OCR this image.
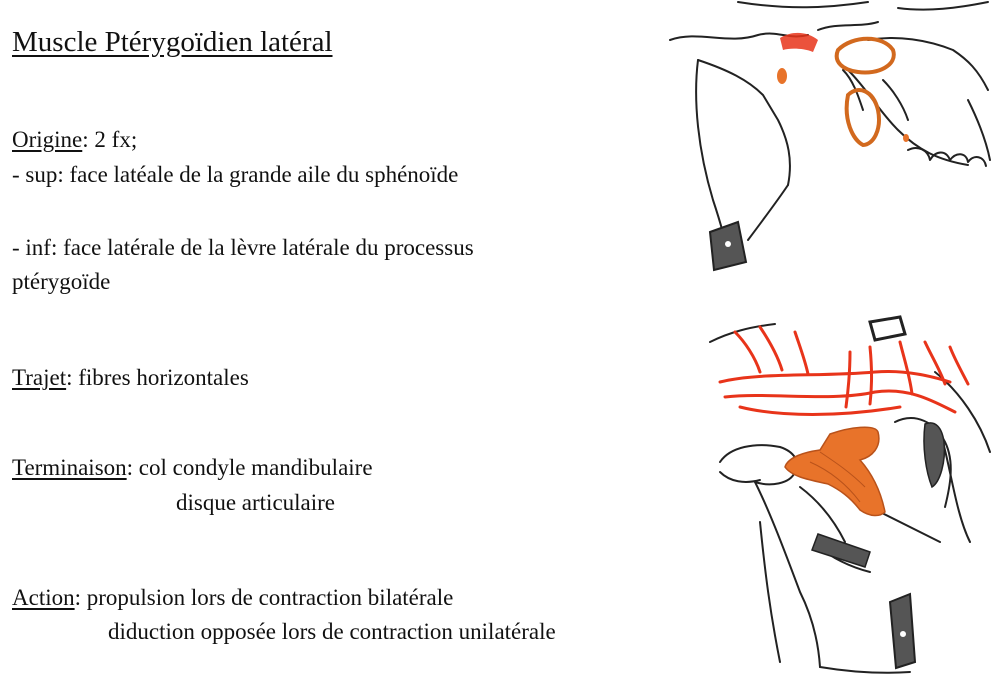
Muscle Ptérygoïdien latéral
Origine: 2 fx;
- sup: face latéale de la grande aile du sphénoïde
- inf: face latérale de la lèvre latérale du processus
ptérygoïde
Trajet: fibres horizontales
Terminaison: col condyle mandibulaire
disque articulaire
Action: propulsion lors de contraction bilatérale
diduction opposée lors de contraction unilatérale
